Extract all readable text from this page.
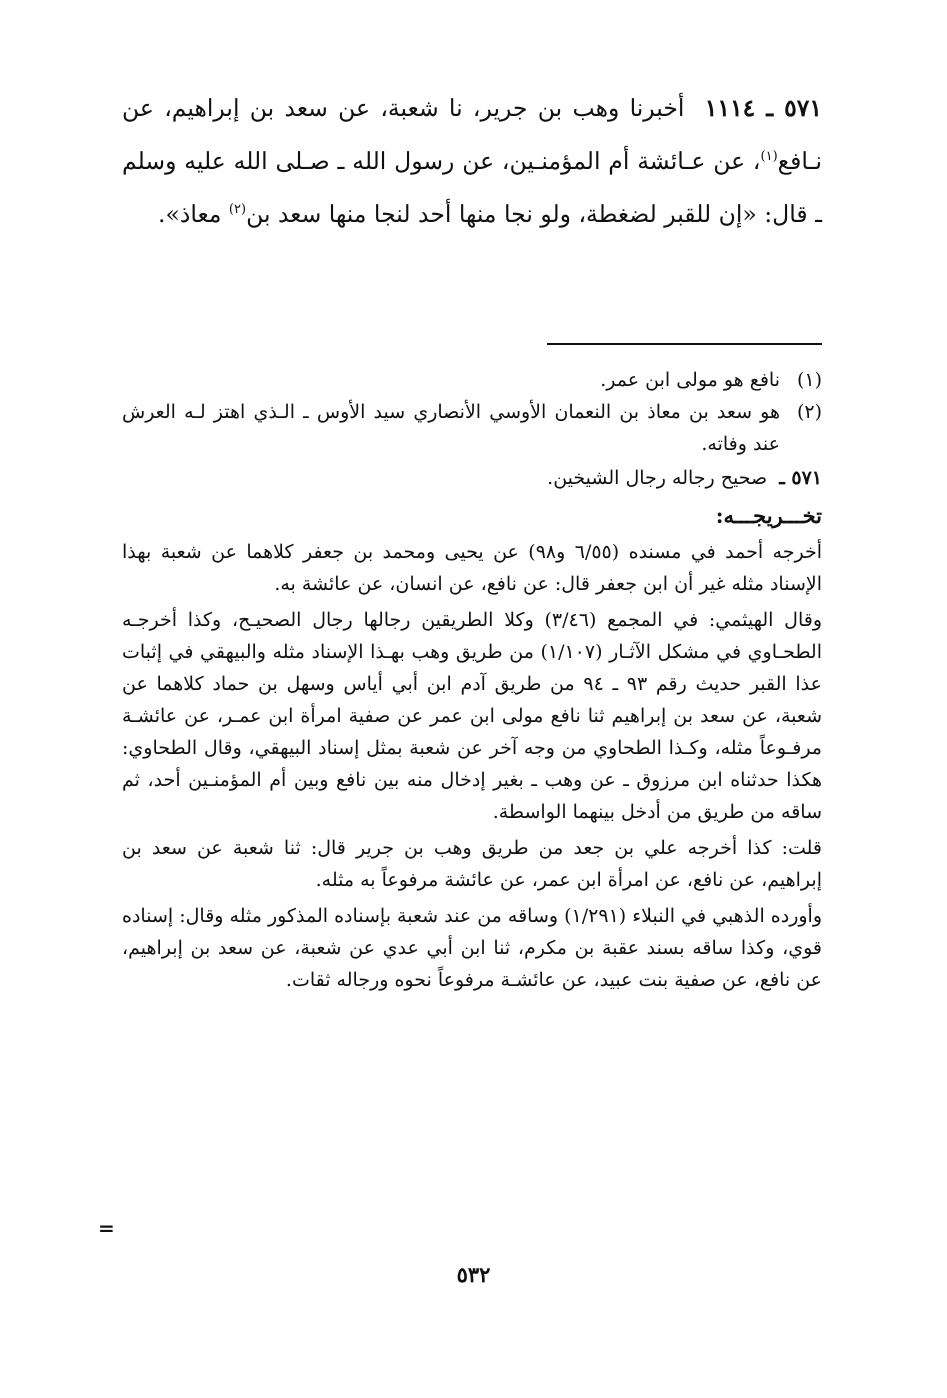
٥٧١ ـ ١١١٤ أخبرنا وهب بن جرير، نا شعبة، عن سعد بن إبراهيم، عن نـافع$^{(١)}$، عن عـائشة أم المؤمنـين، عن رسول الله ـ صـلى الله عليه وسلم ـ قال: «إن للقبر لضغطة، ولو نجا منها أحد لنجا منها سعد بن$^{(٢)}$ معاذ».

(١)
نافع هو مولى ابن عمر.
(٢)
هو سعد بن معاذ بن النعمان الأوسي الأنصاري سيد الأوس ـ الـذي اهتز لـه العرش عند وفاته.

٥٧١ ـ صحيح رجاله رجال الشيخين.

تخـــريجـــه:

أخرجه أحمد في مسنده (٦/٥٥ و٩٨) عن يحيى ومحمد بن جعفر كلاهما عن شعبة بهذا الإسناد مثله غير أن ابن جعفر قال: عن نافع، عن انسان، عن عائشة به.

وقال الهيثمي: في المجمع (٣/٤٦) وكلا الطريقين رجالها رجال الصحيـح، وكذا أخرجـه الطحـاوي في مشكل الآثـار (١/١٠٧) من طريق وهب بهـذا الإسناد مثله والبيهقي في إثبات عذا القبر حديث رقم ٩٣ ـ ٩٤ من طريق آدم ابن أبي أياس وسهل بن حماد كلاهما عن شعبة، عن سعد بن إبراهيم ثنا نافع مولى ابن عمر عن صفية امرأة ابن عمـر، عن عائشـة مرفـوعاً مثله، وكـذا الطحاوي من وجه آخر عن شعبة بمثل إسناد البيهقي، وقال الطحاوي: هكذا حدثناه ابن مرزوق ـ عن وهب ـ بغير إدخال منه بين نافع وبين أم المؤمنـين أحد، ثم ساقه من طريق من أدخل بينهما الواسطة.

قلت: كذا أخرجه علي بن جعد من طريق وهب بن جرير قال: ثنا شعبة عن سعد بن إبراهيم، عن نافع، عن امرأة ابن عمر، عن عائشة مرفوعاً به مثله.

وأورده الذهبي في النبلاء (١/٢٩١) وساقه من عند شعبة بإسناده المذكور مثله وقال: إسناده قوي، وكذا ساقه بسند عقبة بن مكرم، ثنا ابن أبي عدي عن شعبة، عن سعد بن إبراهيم، عن نافع، عن صفية بنت عبيد، عن عائشـة مرفوعاً نحوه ورجاله ثقات.

=
٥٣٢
